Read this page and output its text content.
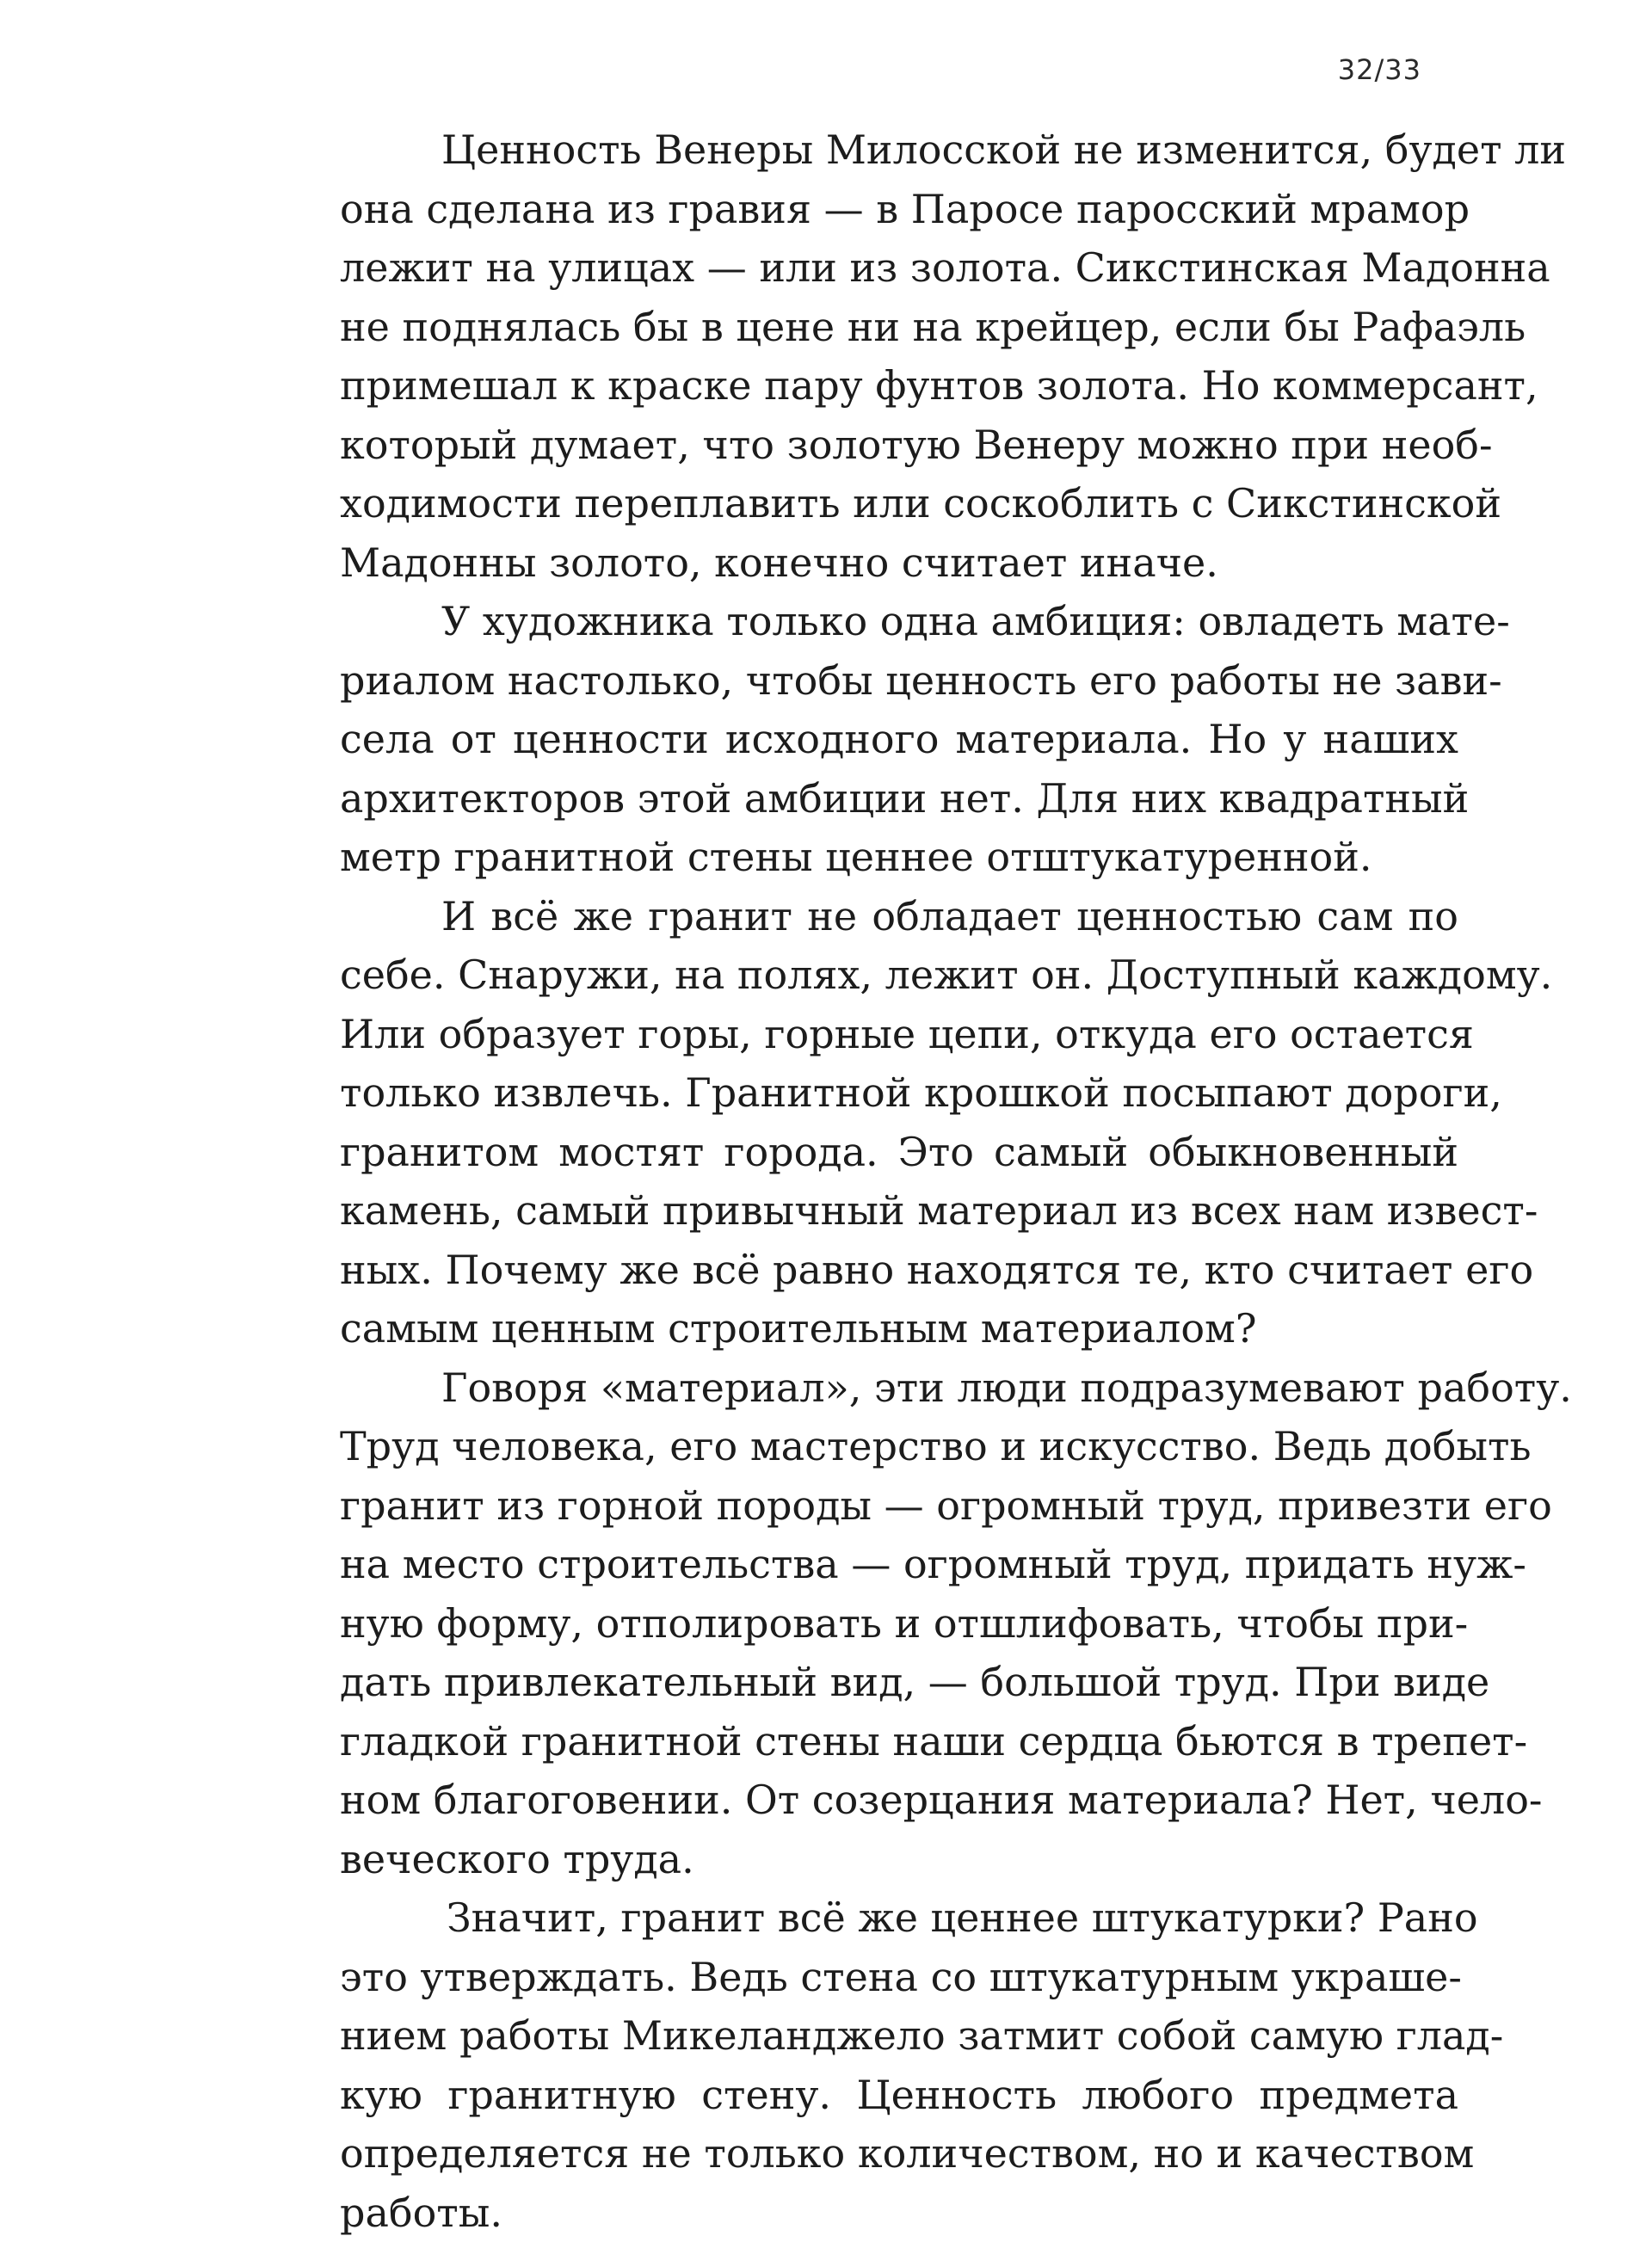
32/33

Ценность Венеры Милосской не изменится, будет ли
она сделана из гравия — в Паросе паросский мрамор
лежит на улицах — или из золота. Сикстинская Мадонна
не поднялась бы в цене ни на крейцер, если бы Рафаэль
примешал к краске пару фунтов золота. Но коммерсант,
который думает, что золотую Венеру можно при необ-
ходимости переплавить или соскоблить с Сикстинской
Мадонны золото, конечно считает иначе.

У художника только одна амбиция: овладеть мате-
риалом настолько, чтобы ценность его работы не зави-
села от ценности исходного материала. Но у наших
архитекторов этой амбиции нет. Для них квадратный
метр гранитной стены ценнее отштукатуренной.

И всё же гранит не обладает ценностью сам по
себе. Снаружи, на полях, лежит он. Доступный каждому.
Или образует горы, горные цепи, откуда его остается
только извлечь. Гранитной крошкой посыпают дороги,
гранитом мостят города. Это самый обыкновенный
камень, самый привычный материал из всех нам извест-
ных. Почему же всё равно находятся те, кто считает его
самым ценным строительным материалом?

Говоря «материал», эти люди подразумевают работу.
Труд человека, его мастерство и искусство. Ведь добыть
гранит из горной породы — огромный труд, привезти его
на место строительства — огромный труд, придать нуж-
ную форму, отполировать и отшлифовать, чтобы при-
дать привлекательный вид, — большой труд. При виде
гладкой гранитной стены наши сердца бьются в трепет-
ном благоговении. От созерцания материала? Нет, чело-
веческого труда.

Значит, гранит всё же ценнее штукатурки? Рано
это утверждать. Ведь стена со штукатурным украше-
нием работы Микеланджело затмит собой самую глад-
кую гранитную стену. Ценность любого предмета
определяется не только количеством, но и качеством
работы.
